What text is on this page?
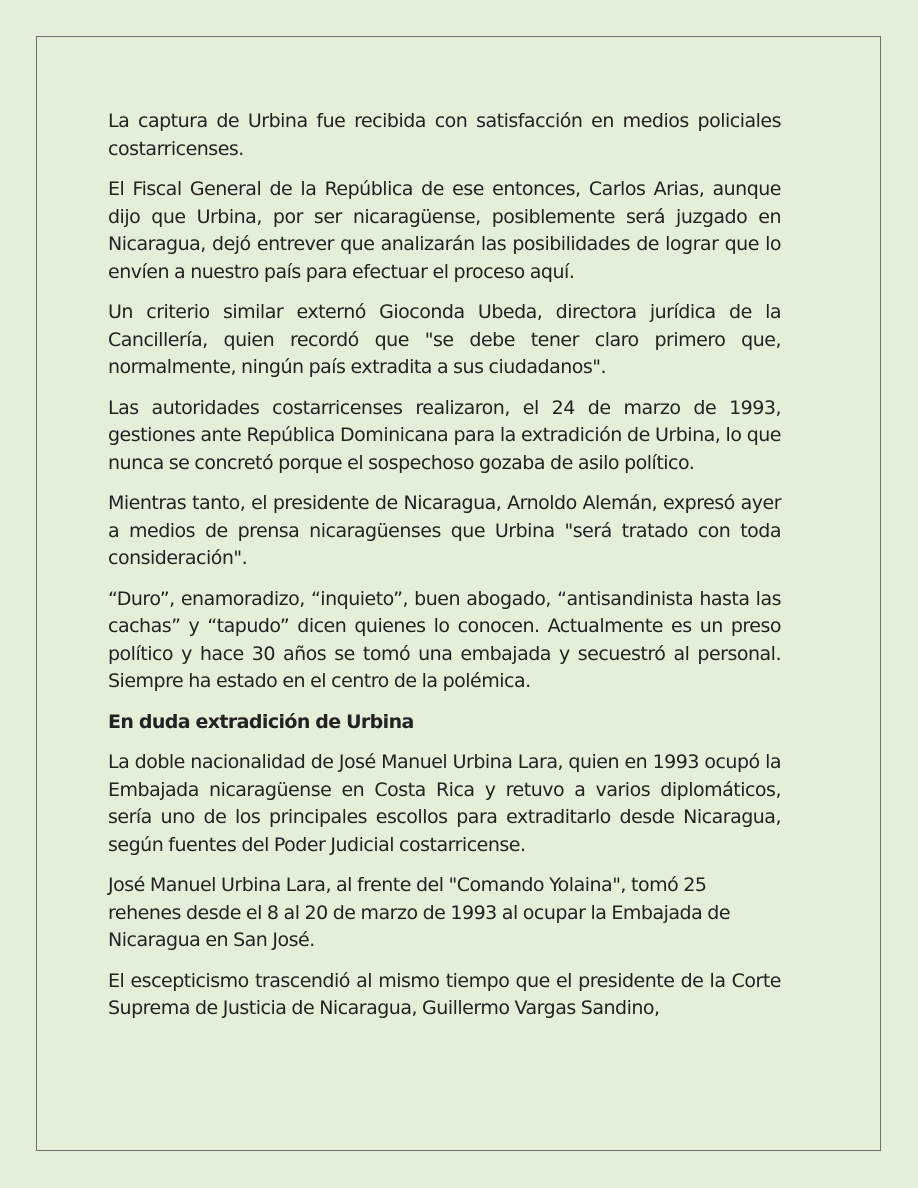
La captura de Urbina fue recibida con satisfacción en medios policiales costarricenses.

El Fiscal General de la República de ese entonces, Carlos Arias, aunque dijo que Urbina, por ser nicaragüense, posiblemente será juzgado en Nicaragua, dejó entrever que analizarán las posibilidades de lograr que lo envíen a nuestro país para efectuar el proceso aquí.

Un criterio similar externó Gioconda Ubeda, directora jurídica de la Cancillería, quien recordó que "se debe tener claro primero que, normalmente, ningún país extradita a sus ciudadanos".

Las autoridades costarricenses realizaron, el 24 de marzo de 1993, gestiones ante República Dominicana para la extradición de Urbina, lo que nunca se concretó porque el sospechoso gozaba de asilo político.

Mientras tanto, el presidente de Nicaragua, Arnoldo Alemán, expresó ayer a medios de prensa nicaragüenses que Urbina "será tratado con toda consideración".

“Duro”, enamoradizo, “inquieto”, buen abogado, “antisandinista hasta las cachas” y “tapudo” dicen quienes lo conocen. Actualmente es un preso político y hace 30 años se tomó una embajada y secuestró al personal. Siempre ha estado en el centro de la polémica.

En duda extradición de Urbina

La doble nacionalidad de José Manuel Urbina Lara, quien en 1993 ocupó la Embajada nicaragüense en Costa Rica y retuvo a varios diplomáticos, sería uno de los principales escollos para extraditarlo desde Nicaragua, según fuentes del Poder Judicial costarricense.

José Manuel Urbina Lara, al frente del "Comando Yolaina", tomó 25 rehenes desde el 8 al 20 de marzo de 1993 al ocupar la Embajada de Nicaragua en San José.

El escepticismo trascendió al mismo tiempo que el presidente de la Corte Suprema de Justicia de Nicaragua, Guillermo Vargas Sandino,
